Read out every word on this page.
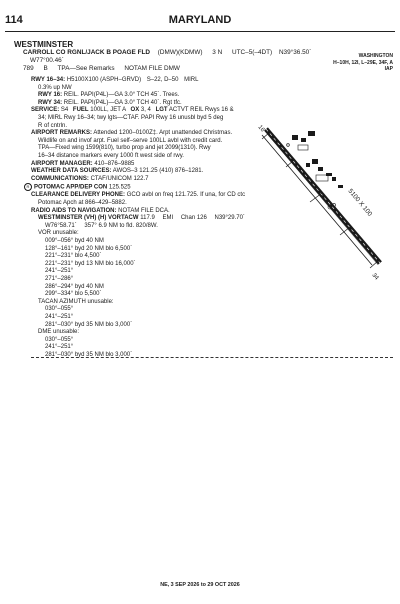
114	MARYLAND
WESTMINSTER
CARROLL CO RGNL/JACK B POAGE FLD (DMW)(KDMW) 3 N UTC–5(–4DT) N39°36.50´
W77°00.46´
789 B TPA—See Remarks NOTAM FILE DMW
WASHINGTON
H–10H, 12I, L–29E, 34F, A
IAP

RWY 16–34: H5100X100 (ASPH–GRVD) S–22, D–50 MIRL

0.3% up NW

RWY 16: REIL. PAPI(P4L)—GA 3.0° TCH 45´. Trees.

RWY 34: REIL. PAPI(P4L)—GA 3.0° TCH 40´. Rgt tfc.

SERVICE: S4 FUEL 100LL, JET A OX 3, 4 LGT ACTVT REIL Rwys 16 &

34; MIRL Rwy 16–34; twy lgts—CTAF. PAPI Rwy 16 unusbl byd 5 deg

R of cntrln.

AIRPORT REMARKS: Attended 1200–0100Z‡. Arpt unattended Christmas.

Wildlife on and invof arpt. Fuel self–serve 100LL avbl with credit card.

TPA—Fixed wing 1599(810), turbo prop and jet 2099(1310). Rwy

16–34 distance markers every 1000 ft west side of rwy.

AIRPORT MANAGER: 410–876–9885

WEATHER DATA SOURCES: AWOS–3 121.25 (410) 876–1281.

COMMUNICATIONS: CTAF/UNICOM 122.7

R POTOMAC APP/DEP CON 125.525

CLEARANCE DELIVERY PHONE: GCO avbl on freq 121.725. If una, for CD ctc

Potomac Apch at 866–429–5882.

RADIO AIDS TO NAVIGATION: NOTAM FILE DCA.

WESTMINSTER (VH) (H) VORTACW 117.9 EMI Chan 126 N39°29.70´

W76°58.71´ 357° 6.9 NM to fld. 820/8W.

VOR unusable:

009°–056° byd 40 NM

128°–161° byd 20 NM blo 6,500´

221°–231° blo 4,500´

221°–231° byd 13 NM blo 16,000´

241°–251°

271°–286°

286°–294° byd 40 NM

299°–334° blo 5,500´

TACAN AZIMUTH unusable:

030°–055°

241°–251°

281°–030° byd 35 NM blo 3,000´

DME unusable:

030°–055°

241°–251°

281°–030° byd 35 NM blo 3,000´

16
34
5100 X 100
NE, 3 SEP 2026 to 29 OCT 2026
